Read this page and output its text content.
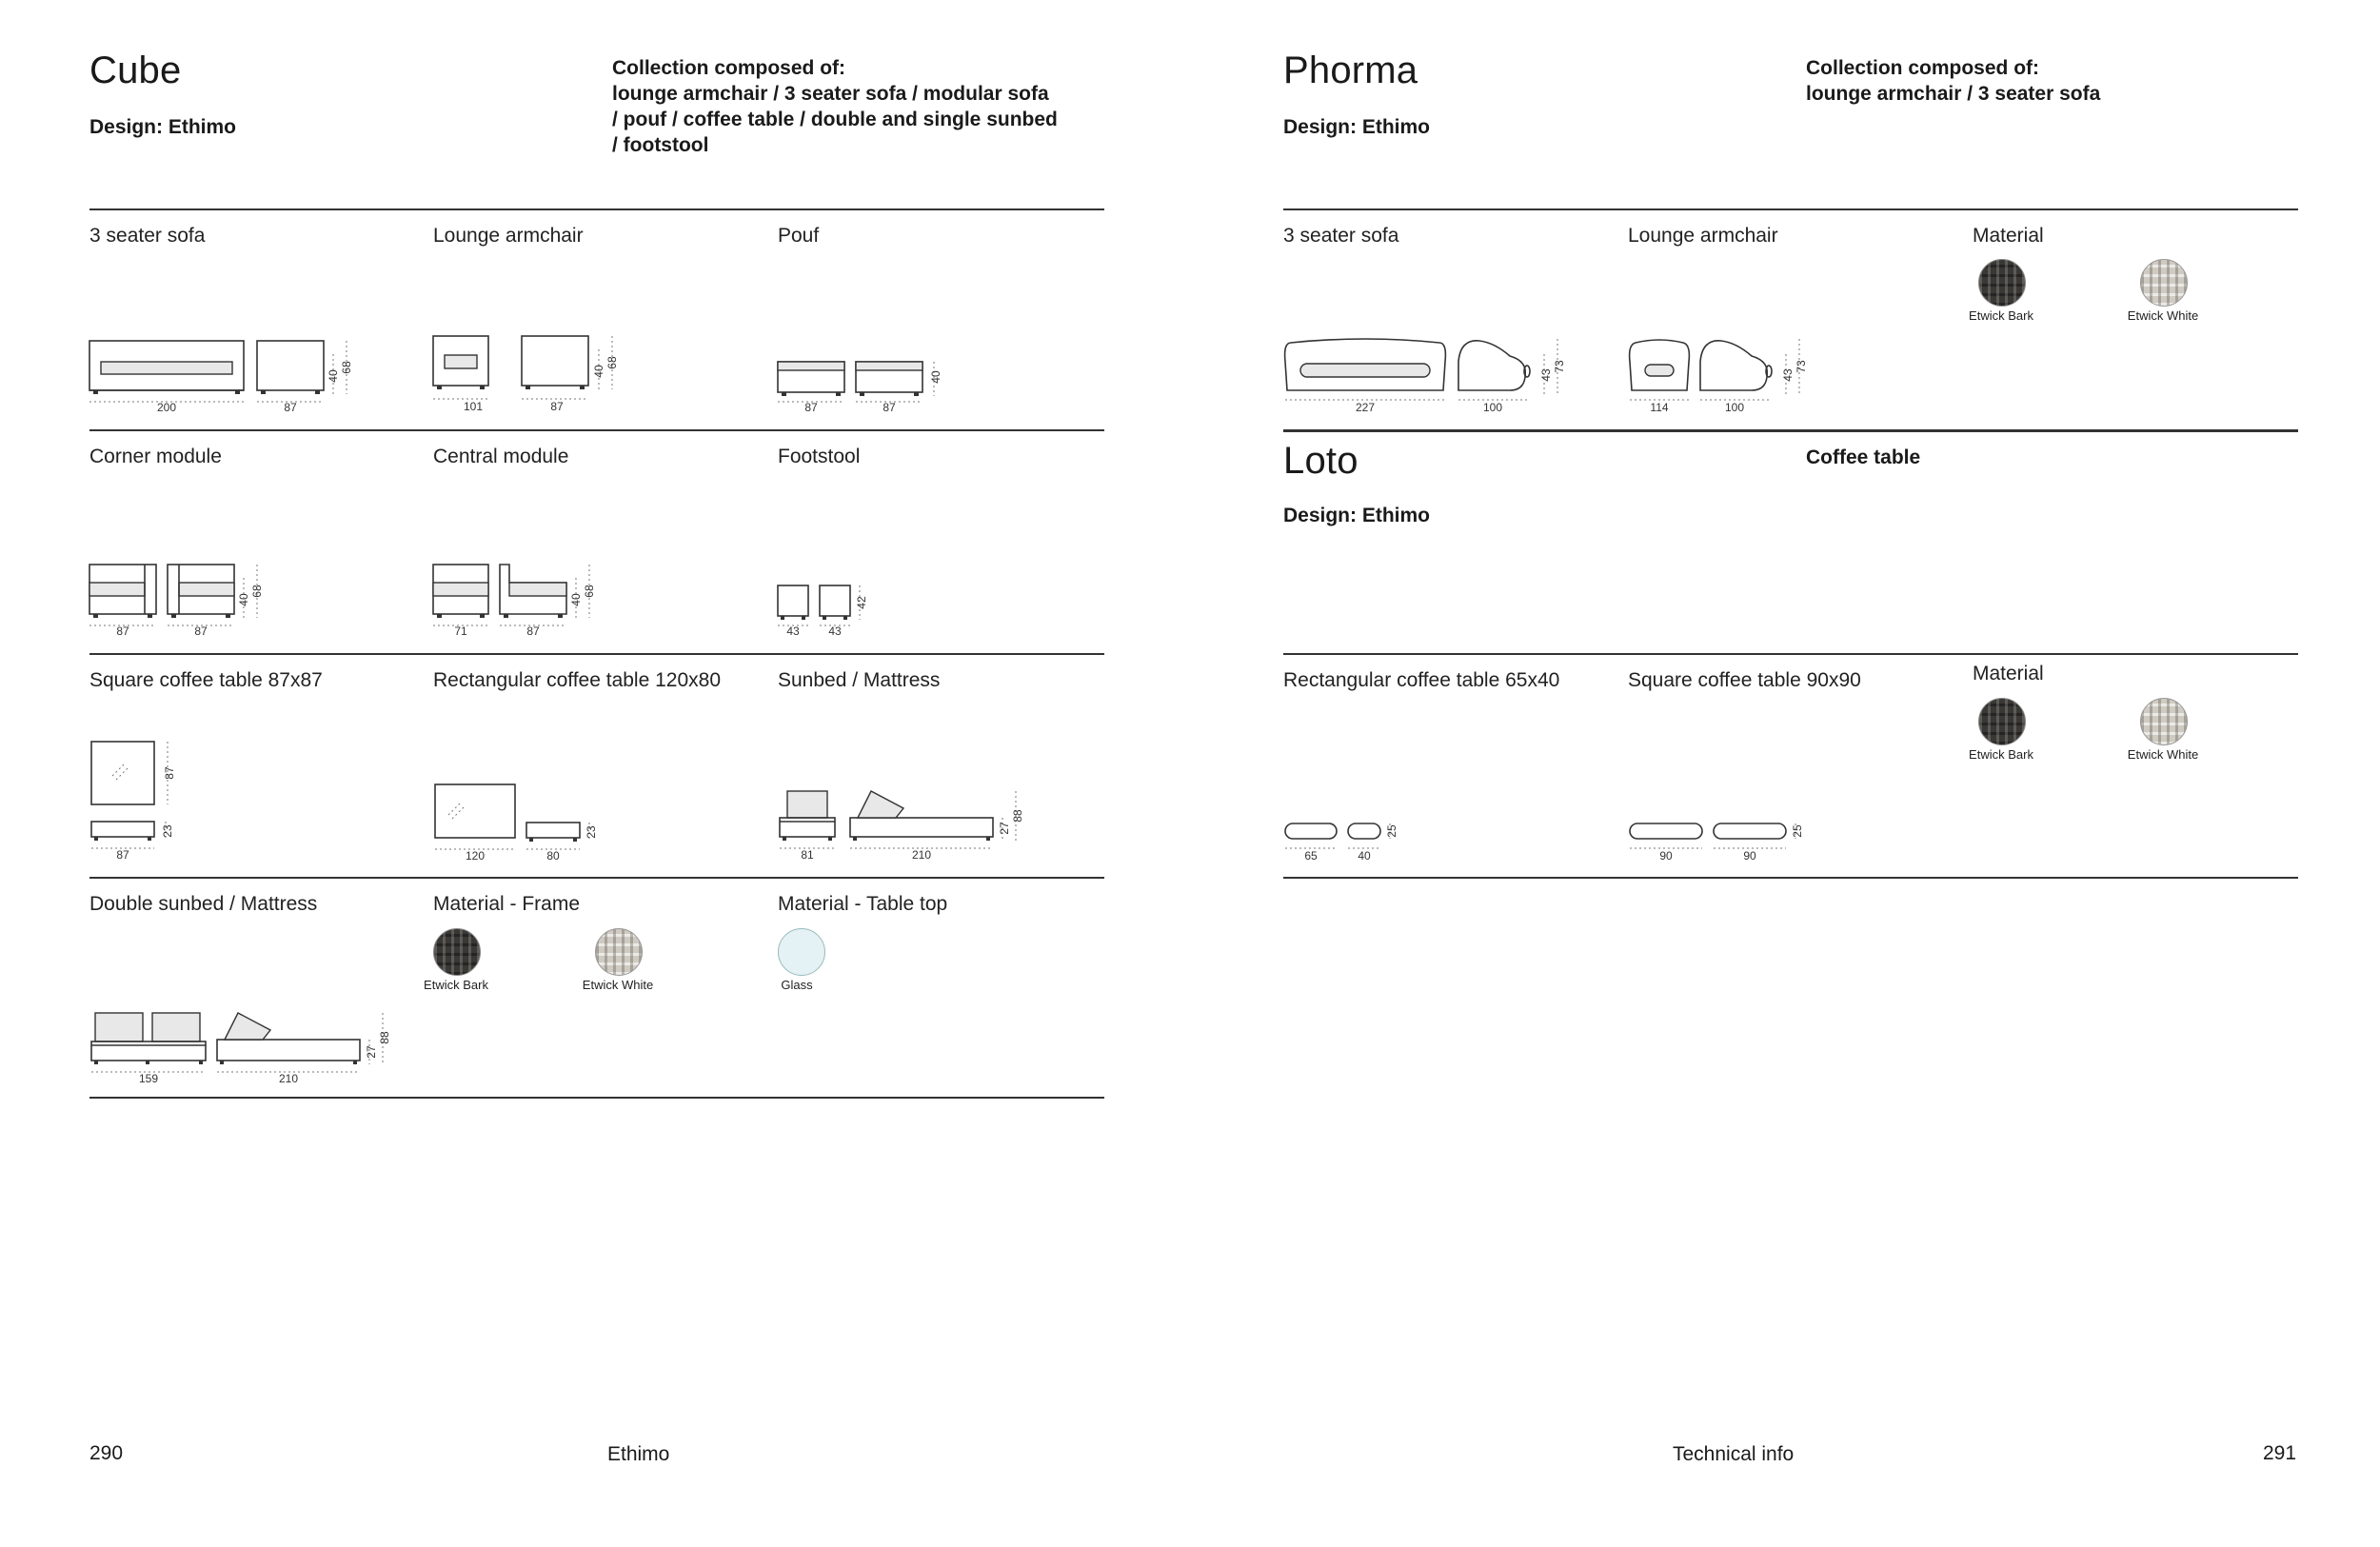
Cube
Design: Ethimo
Collection composed of:
lounge armchair / 3 seater sofa / modular sofa
/ pouf / coffee table / double and single sunbed
/ footstool
3 seater sofa	Lounge armchair	Pouf
Corner module	Central module	Footstool
Square coffee table 87x87	Rectangular coffee table 120x80	Sunbed / Mattress
Double sunbed / Mattress	Material - Frame	Material - Table top
200	87
40
68
101	87
40
68
87	87
40
87	87
40
68
71	87
40
68
43	43
42
87
87
23
120	80
23
81	210
27
88
159	210
27
88
Etwick Bark	Etwick White	Glass
Phorma
Design: Ethimo
Collection composed of:
lounge armchair / 3 seater sofa
3 seater sofa	Lounge armchair	Material
227	100
43
73
114	100
43
73
Etwick Bark	Etwick White
Loto
Design: Ethimo
Coffee table
Rectangular coffee table 65x40	Square coffee table 90x90	Material
65	40
25
90	90
25
Etwick Bark	Etwick White
290	Ethimo	Technical info	291
